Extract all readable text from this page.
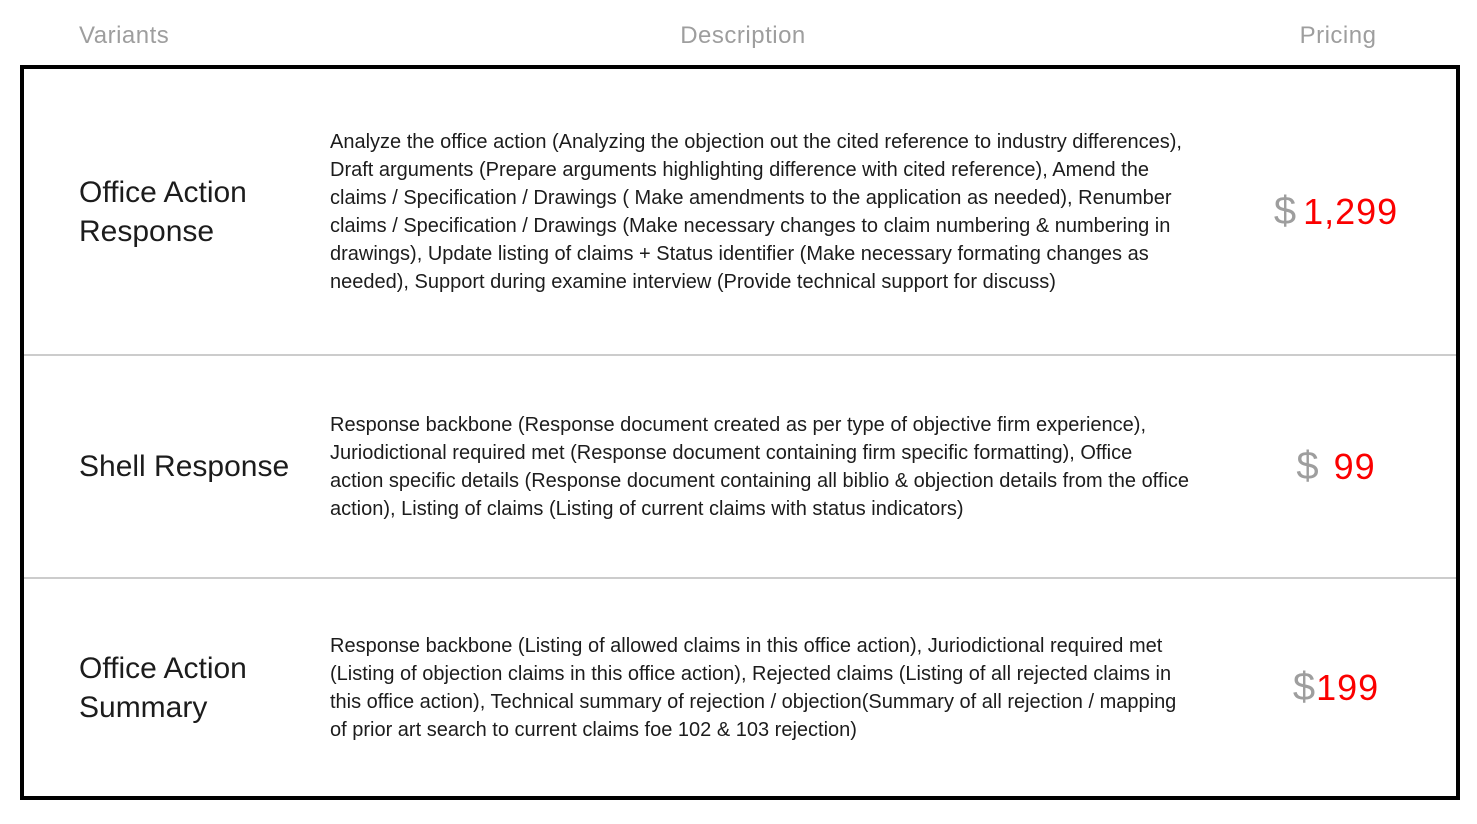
Variants	Description	Pricing
Office Action Response
Analyze the office action (Analyzing the objection out the cited reference to industry differences), Draft arguments (Prepare arguments highlighting difference with cited reference), Amend the claims / Specification / Drawings ( Make amendments to the application as needed), Renumber claims / Specification / Drawings (Make necessary changes to claim numbering & numbering in drawings), Update listing of claims + Status identifier (Make necessary formating changes as needed), Support during examine interview (Provide technical support for discuss)
$ 1,299
Shell Response
Response backbone (Response document created as per type of objective firm experience), Juriodictional required met (Response document containing firm specific formatting), Office action specific details (Response document containing all biblio & objection details from the office action), Listing of claims (Listing of current claims with status indicators)
$ 99
Office Action Summary
Response backbone (Listing of allowed claims in this office action), Juriodictional required met (Listing of objection claims in this office action), Rejected claims (Listing of all rejected claims in this office action), Technical summary of rejection / objection(Summary of all rejection / mapping of prior art search to current claims foe 102 & 103 rejection)
$ 199
